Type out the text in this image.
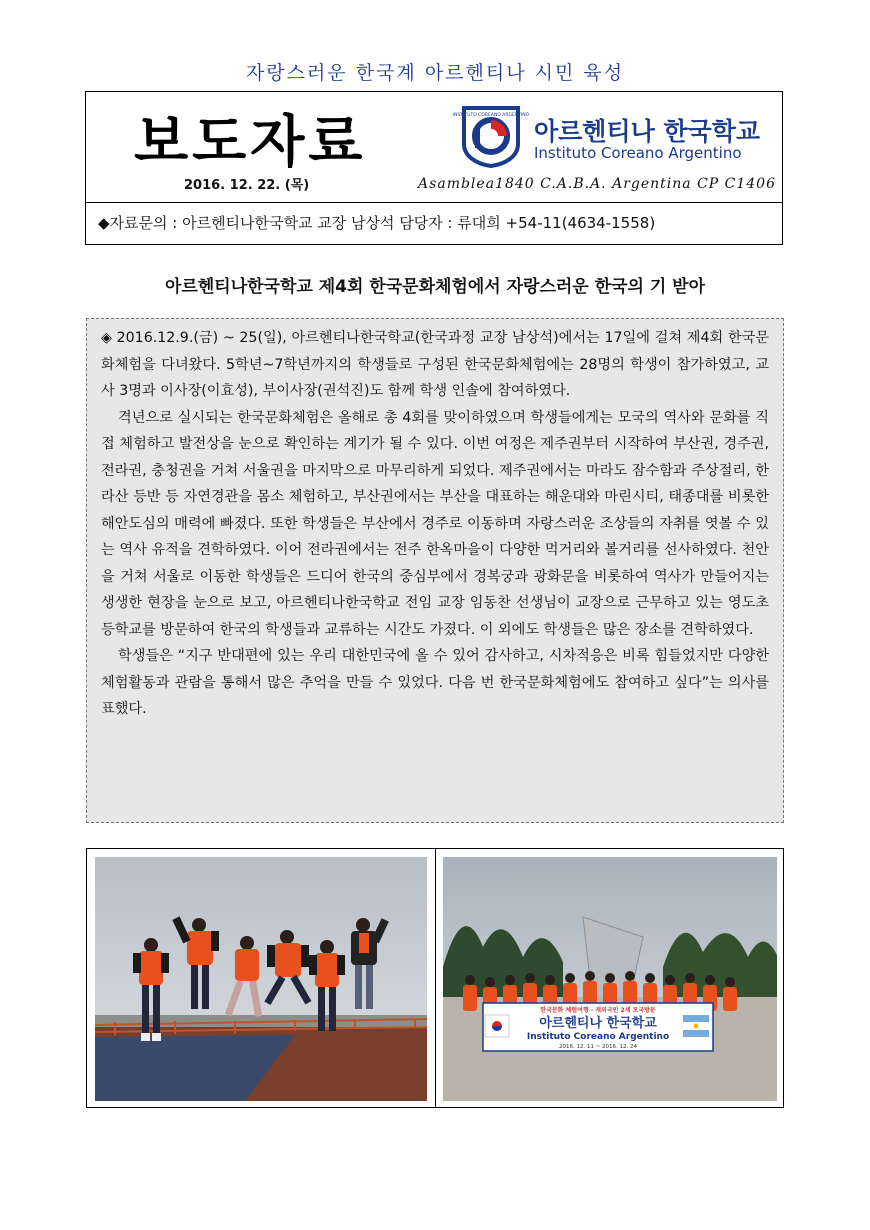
자랑스러운 한국계 아르헨티나 시민 육성
보도자료
2016. 12. 22. (목)
INSTITUTO COREANO ARGENTINO
아르헨티나 한국학교
Instituto Coreano Argentino
Asamblea1840 C.A.B.A. Argentina CP C1406
◆자료문의 : 아르헨티나한국학교 교장 남상석 담당자 : 류대희 +54-11(4634-1558)
아르헨티나한국학교 제4회 한국문화체험에서 자랑스러운 한국의 기 받아

◈ 2016.12.9.(금) ~ 25(일), 아르헨티나한국학교(한국과정 교장 남상석)에서는 17일에 걸쳐 제4회 한국문화체험을 다녀왔다. 5학년~7학년까지의 학생들로 구성된 한국문화체험에는 28명의 학생이 참가하였고, 교사 3명과 이사장(이효성), 부이사장(권석진)도 함께 학생 인솔에 참여하였다.

격년으로 실시되는 한국문화체험은 올해로 총 4회를 맞이하였으며 학생들에게는 모국의 역사와 문화를 직접 체험하고 발전상을 눈으로 확인하는 계기가 될 수 있다. 이번 여정은 제주권부터 시작하여 부산권, 경주권, 전라권, 충청권을 거쳐 서울권을 마지막으로 마무리하게 되었다. 제주권에서는 마라도 잠수함과 주상절리, 한라산 등반 등 자연경관을 몸소 체험하고, 부산권에서는 부산을 대표하는 해운대와 마린시티, 태종대를 비롯한 해안도심의 매력에 빠졌다. 또한 학생들은 부산에서 경주로 이동하며 자랑스러운 조상들의 자취를 엿볼 수 있는 역사 유적을 견학하였다. 이어 전라권에서는 전주 한옥마을이 다양한 먹거리와 볼거리를 선사하였다. 천안을 거쳐 서울로 이동한 학생들은 드디어 한국의 중심부에서 경복궁과 광화문을 비롯하여 역사가 만들어지는 생생한 현장을 눈으로 보고, 아르헨티나한국학교 전임 교장 임동찬 선생님이 교장으로 근무하고 있는 영도초등학교를 방문하여 한국의 학생들과 교류하는 시간도 가졌다. 이 외에도 학생들은 많은 장소를 견학하였다.

학생들은 “지구 반대편에 있는 우리 대한민국에 올 수 있어 감사하고, 시차적응은 비록 힘들었지만 다양한 체험활동과 관람을 통해서 많은 추억을 만들 수 있었다. 다음 번 한국문화체험에도 참여하고 싶다”는 의사를 표했다.

한국문화 체험여행 · 재외국민 2세 모국방문
아르헨티나 한국학교
Instituto Coreano Argentino
2016. 12. 11 ~ 2016. 12. 24
